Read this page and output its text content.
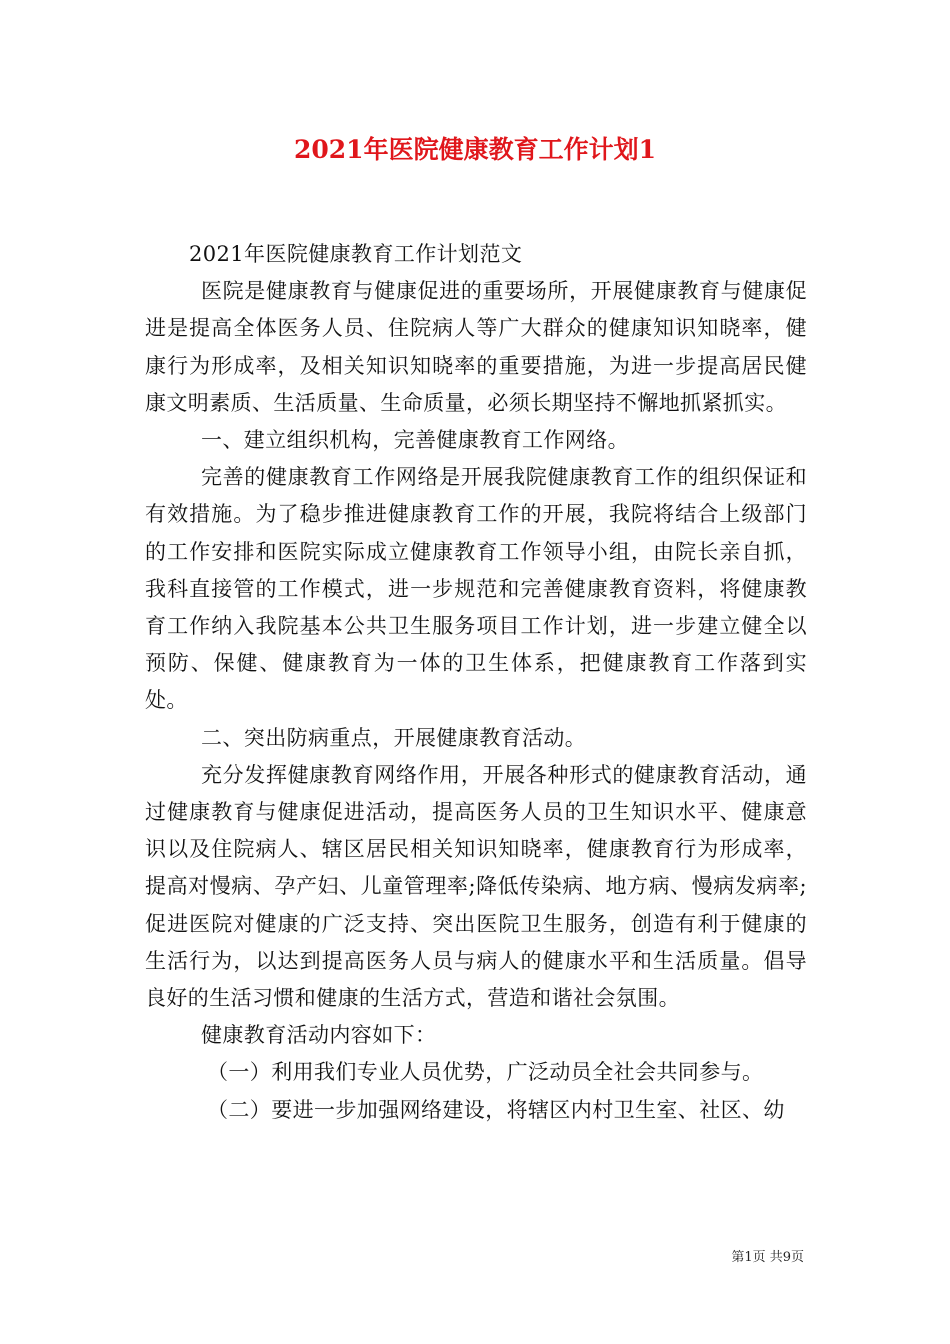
2021年医院健康教育工作计划1

2021年医院健康教育工作计划范文

医院是健康教育与健康促进的重要场所，开展健康教育与健康促进是提高全体医务人员、住院病人等广大群众的健康知识知晓率，健康行为形成率，及相关知识知晓率的重要措施，为进一步提高居民健康文明素质、生活质量、生命质量，必须长期坚持不懈地抓紧抓实。

一、建立组织机构，完善健康教育工作网络。

完善的健康教育工作网络是开展我院健康教育工作的组织保证和有效措施。为了稳步推进健康教育工作的开展，我院将结合上级部门的工作安排和医院实际成立健康教育工作领导小组，由院长亲自抓，我科直接管的工作模式，进一步规范和完善健康教育资料，将健康教育工作纳入我院基本公共卫生服务项目工作计划，进一步建立健全以预防、保健、健康教育为一体的卫生体系，把健康教育工作落到实处。

二、突出防病重点，开展健康教育活动。

充分发挥健康教育网络作用，开展各种形式的健康教育活动，通过健康教育与健康促进活动，提高医务人员的卫生知识水平、健康意识以及住院病人、辖区居民相关知识知晓率，健康教育行为形成率，提高对慢病、孕产妇、儿童管理率;降低传染病、地方病、慢病发病率;促进医院对健康的广泛支持、突出医院卫生服务，创造有利于健康的生活行为，以达到提高医务人员与病人的健康水平和生活质量。倡导良好的生活习惯和健康的生活方式，营造和谐社会氛围。

健康教育活动内容如下：

（一）利用我们专业人员优势，广泛动员全社会共同参与。

（二）要进一步加强网络建设，将辖区内村卫生室、社区、幼

第1页 共9页
